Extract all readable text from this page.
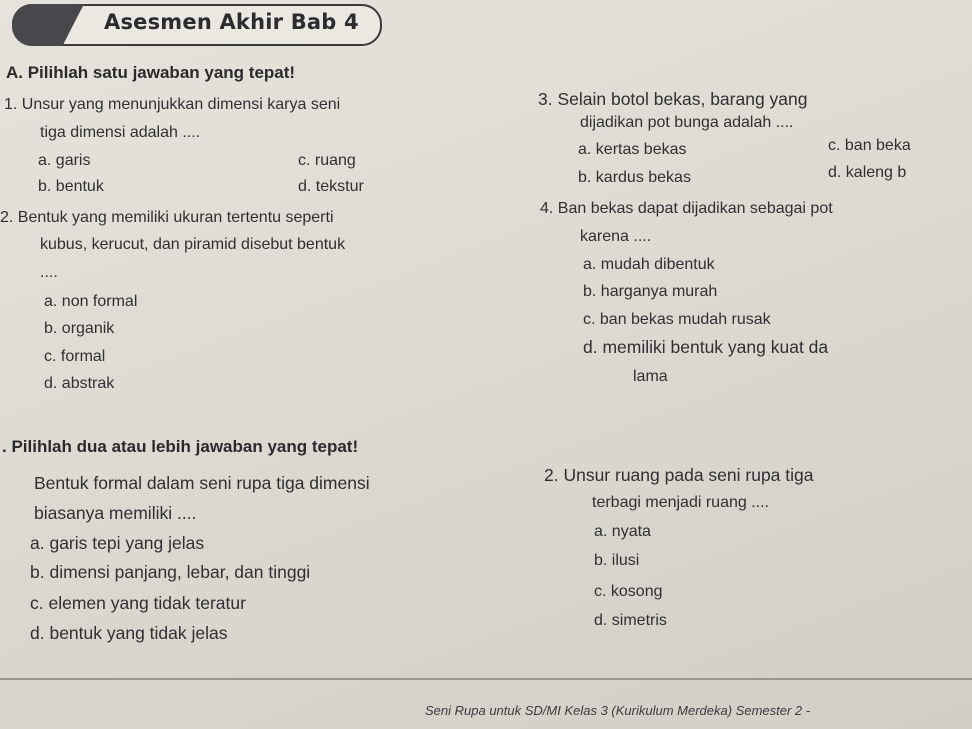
Asesmen Akhir Bab 4
A. Pilihlah satu jawaban yang tepat!
1. Unsur yang menunjukkan dimensi karya seni
tiga dimensi adalah ....
a. garis
b. bentuk
c. ruang
d. tekstur
2. Bentuk yang memiliki ukuran tertentu seperti
kubus, kerucut, dan piramid disebut bentuk
....
a. non formal
b. organik
c. formal
d. abstrak
3. Selain botol bekas, barang yang
dijadikan pot bunga adalah ....
a. kertas bekas
b. kardus bekas
c. ban beka
d. kaleng b
4. Ban bekas dapat dijadikan sebagai pot
karena ....
a. mudah dibentuk
b. harganya murah
c. ban bekas mudah rusak
d. memiliki bentuk yang kuat da
lama
. Pilihlah dua atau lebih jawaban yang tepat!
Bentuk formal dalam seni rupa tiga dimensi
biasanya memiliki ....
a. garis tepi yang jelas
b. dimensi panjang, lebar, dan tinggi
c. elemen yang tidak teratur
d. bentuk yang tidak jelas
2. Unsur ruang pada seni rupa tiga
terbagi menjadi ruang ....
a. nyata
b. ilusi
c. kosong
d. simetris
Seni Rupa untuk SD/MI Kelas 3 (Kurikulum Merdeka) Semester 2 -
